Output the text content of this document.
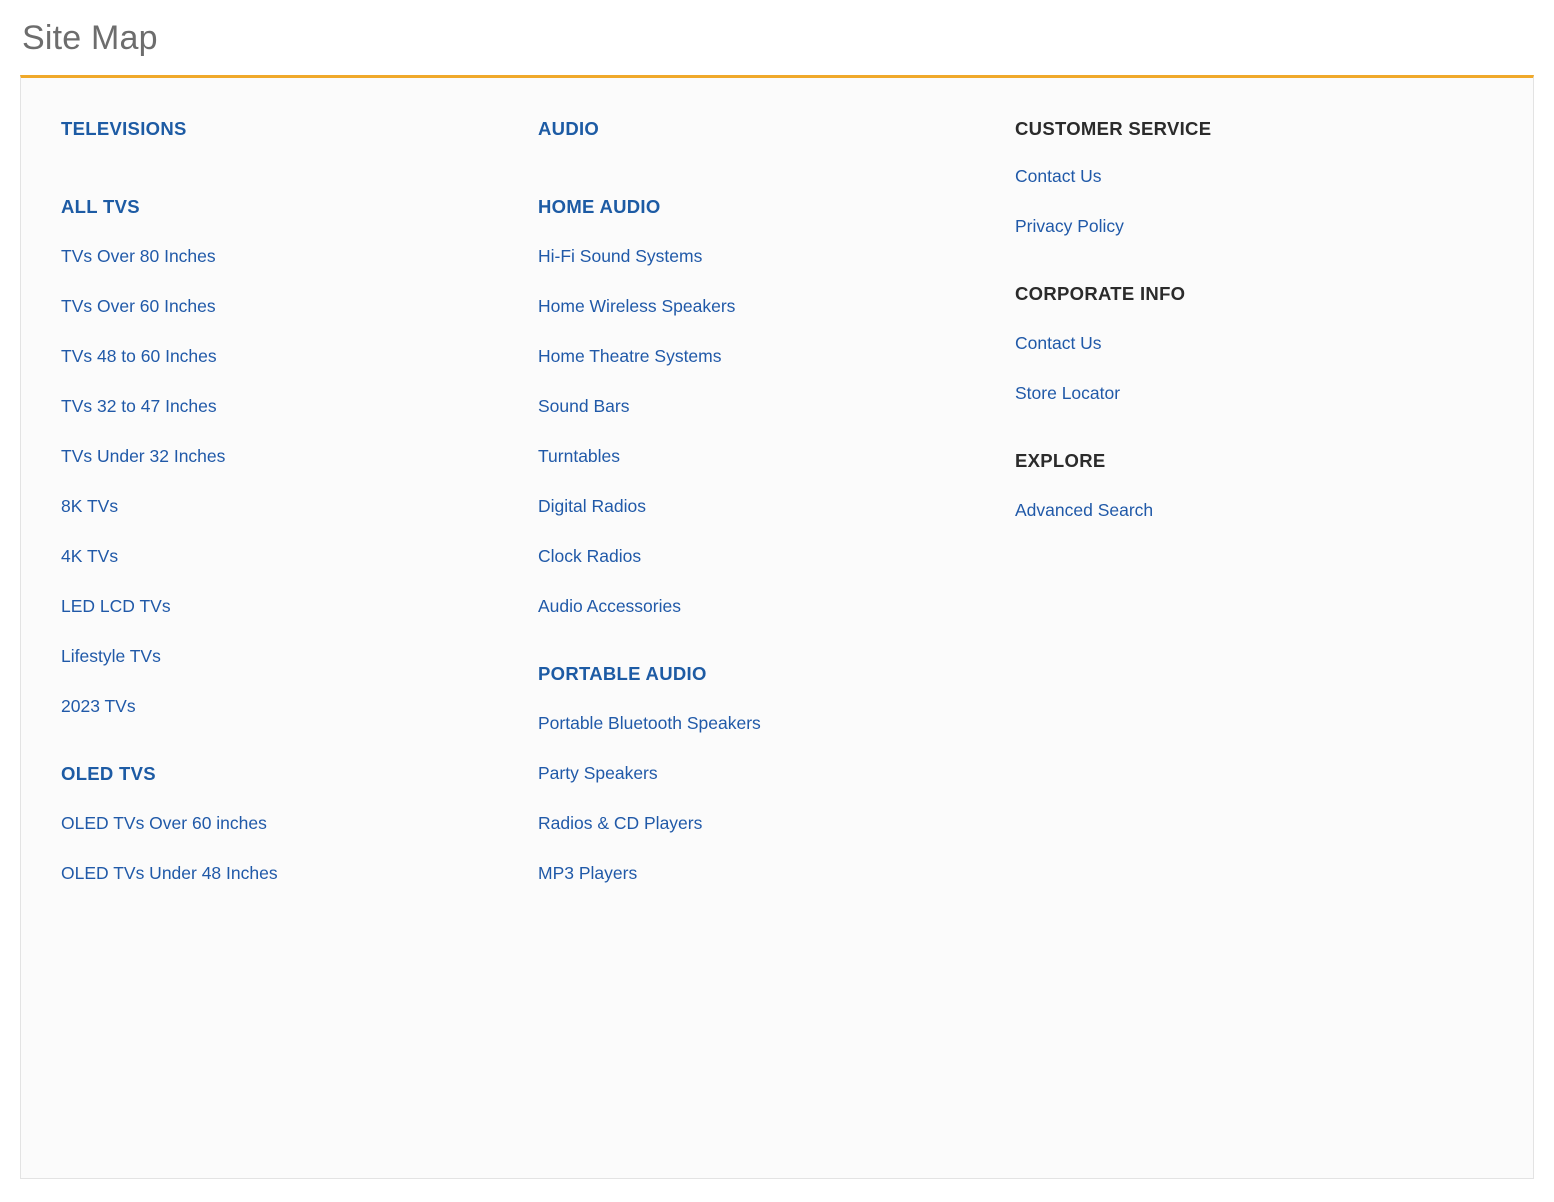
Site Map
TELEVISIONS
ALL TVS
TVs Over 80 Inches
TVs Over 60 Inches
TVs 48 to 60 Inches
TVs 32 to 47 Inches
TVs Under 32 Inches
8K TVs
4K TVs
LED LCD TVs
Lifestyle TVs
2023 TVs
OLED TVS
OLED TVs Over 60 inches
OLED TVs Under 48 Inches
AUDIO
HOME AUDIO
Hi-Fi Sound Systems
Home Wireless Speakers
Home Theatre Systems
Sound Bars
Turntables
Digital Radios
Clock Radios
Audio Accessories
PORTABLE AUDIO
Portable Bluetooth Speakers
Party Speakers
Radios & CD Players
MP3 Players
CUSTOMER SERVICE
Contact Us
Privacy Policy
CORPORATE INFO
Contact Us
Store Locator
EXPLORE
Advanced Search
